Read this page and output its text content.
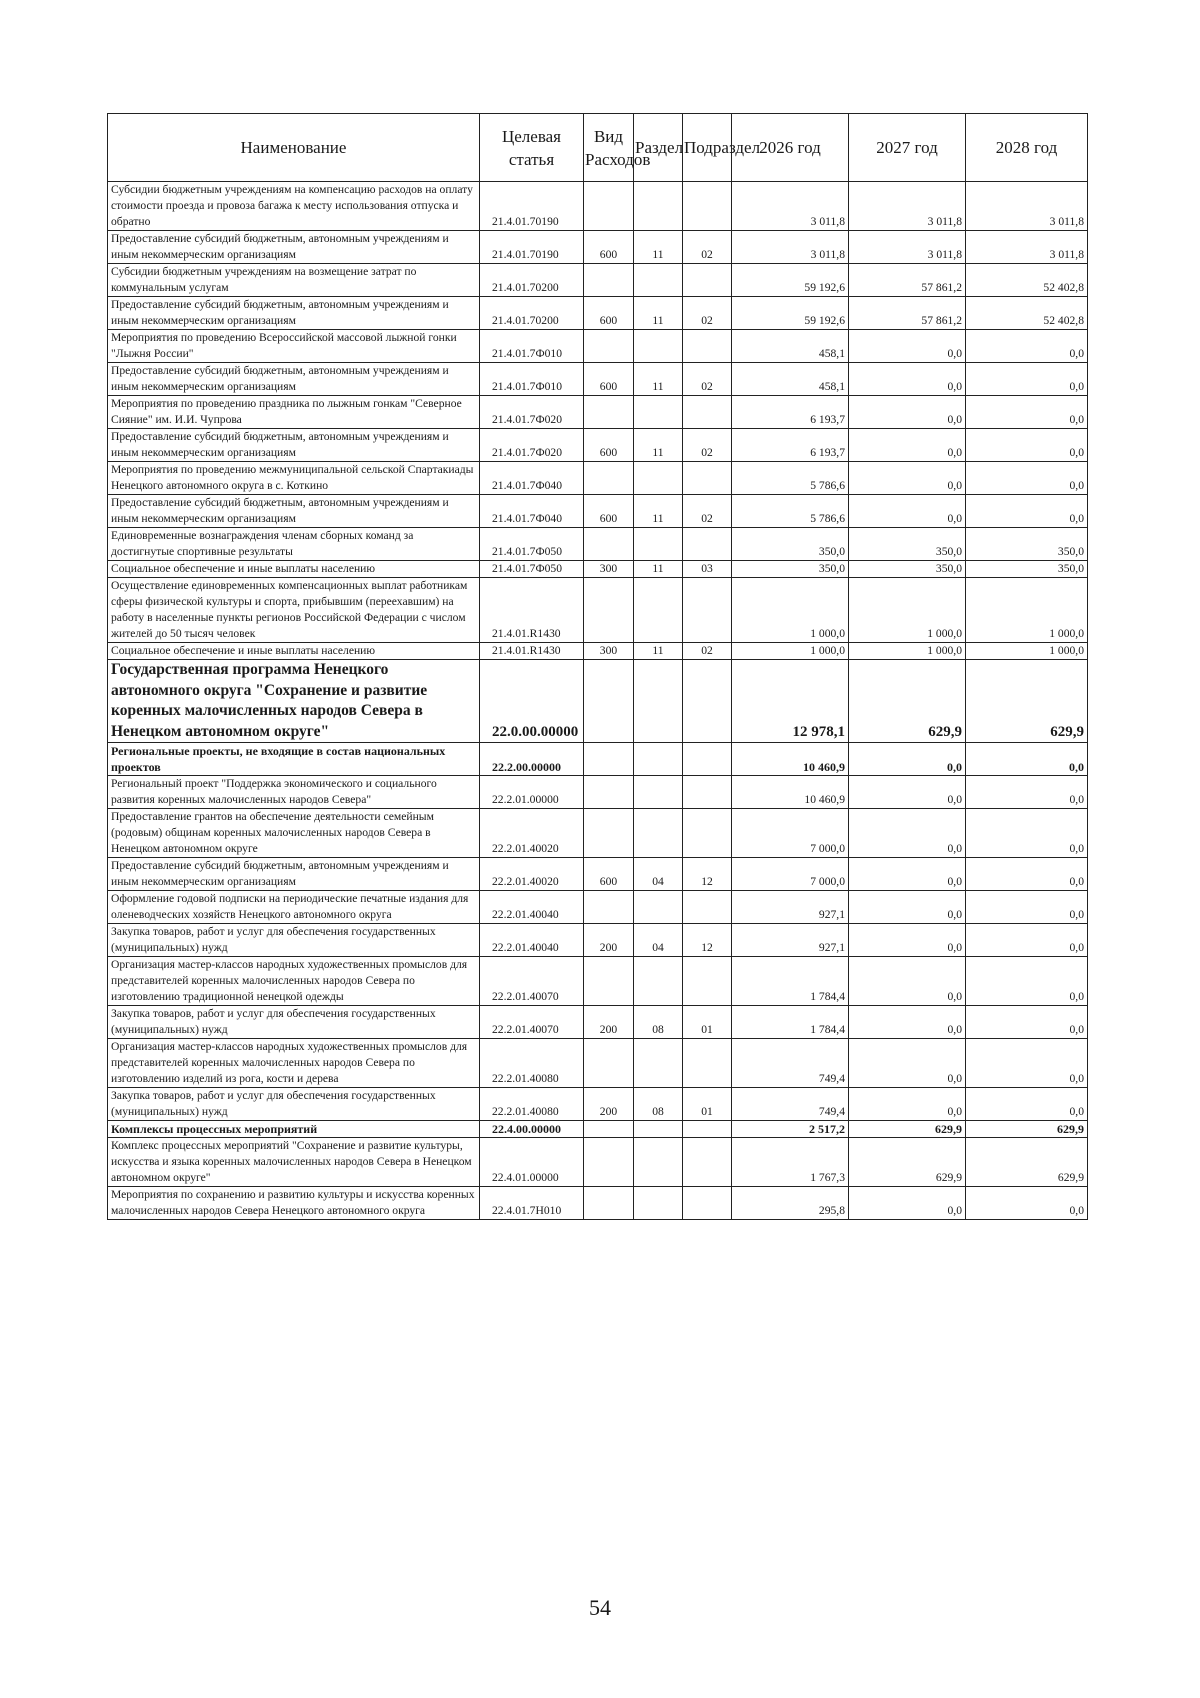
Наименование	Целевая статья	Вид Расходов	Раздел	Подраздел	2026 год	2027 год	2028 год
Субсидии бюджетным учреждениям на компенсацию расходов на оплату стоимости проезда и провоза багажа к месту использования отпуска и обратно	21.4.01.70190				3 011,8	3 011,8	3 011,8
Предоставление субсидий бюджетным, автономным учреждениям и иным некоммерческим организациям	21.4.01.70190	600	11	02	3 011,8	3 011,8	3 011,8
Субсидии бюджетным учреждениям на возмещение затрат по коммунальным услугам	21.4.01.70200				59 192,6	57 861,2	52 402,8
Предоставление субсидий бюджетным, автономным учреждениям и иным некоммерческим организациям	21.4.01.70200	600	11	02	59 192,6	57 861,2	52 402,8
Мероприятия по проведению Всероссийской массовой лыжной гонки "Лыжня России"	21.4.01.7Ф010				458,1	0,0	0,0
Предоставление субсидий бюджетным, автономным учреждениям и иным некоммерческим организациям	21.4.01.7Ф010	600	11	02	458,1	0,0	0,0
Мероприятия по проведению праздника по лыжным гонкам "Северное Сияние" им. И.И. Чупрова	21.4.01.7Ф020				6 193,7	0,0	0,0
Предоставление субсидий бюджетным, автономным учреждениям и иным некоммерческим организациям	21.4.01.7Ф020	600	11	02	6 193,7	0,0	0,0
Мероприятия по проведению межмуниципальной сельской Спартакиады Ненецкого автономного округа в с. Коткино	21.4.01.7Ф040				5 786,6	0,0	0,0
Предоставление субсидий бюджетным, автономным учреждениям и иным некоммерческим организациям	21.4.01.7Ф040	600	11	02	5 786,6	0,0	0,0
Единовременные вознаграждения членам сборных команд за достигнутые спортивные результаты	21.4.01.7Ф050				350,0	350,0	350,0
Социальное обеспечение и иные выплаты населению	21.4.01.7Ф050	300	11	03	350,0	350,0	350,0
Осуществление единовременных компенсационных выплат работникам сферы физической культуры и спорта, прибывшим (переехавшим) на работу в населенные пункты регионов Российской Федерации с числом жителей до 50 тысяч человек	21.4.01.R1430				1 000,0	1 000,0	1 000,0
Социальное обеспечение и иные выплаты населению	21.4.01.R1430	300	11	02	1 000,0	1 000,0	1 000,0
Государственная программа Ненецкого автономного округа "Сохранение и развитие коренных малочисленных народов Севера в Ненецком автономном округе"	22.0.00.00000				12 978,1	629,9	629,9
Региональные проекты, не входящие в состав национальных проектов	22.2.00.00000				10 460,9	0,0	0,0
Региональный проект "Поддержка экономического и социального развития коренных малочисленных народов Севера"	22.2.01.00000				10 460,9	0,0	0,0
Предоставление грантов на обеспечение деятельности семейным (родовым) общинам коренных малочисленных народов Севера в Ненецком автономном округе	22.2.01.40020				7 000,0	0,0	0,0
Предоставление субсидий бюджетным, автономным учреждениям и иным некоммерческим организациям	22.2.01.40020	600	04	12	7 000,0	0,0	0,0
Оформление годовой подписки на периодические печатные издания для оленеводческих хозяйств Ненецкого автономного округа	22.2.01.40040				927,1	0,0	0,0
Закупка товаров, работ и услуг для обеспечения государственных (муниципальных) нужд	22.2.01.40040	200	04	12	927,1	0,0	0,0
Организация мастер-классов народных художественных промыслов для представителей коренных малочисленных народов Севера по изготовлению традиционной ненецкой одежды	22.2.01.40070				1 784,4	0,0	0,0
Закупка товаров, работ и услуг для обеспечения государственных (муниципальных) нужд	22.2.01.40070	200	08	01	1 784,4	0,0	0,0
Организация мастер-классов народных художественных промыслов для представителей коренных малочисленных народов Севера по изготовлению изделий из рога, кости и дерева	22.2.01.40080				749,4	0,0	0,0
Закупка товаров, работ и услуг для обеспечения государственных (муниципальных) нужд	22.2.01.40080	200	08	01	749,4	0,0	0,0
Комплексы процессных мероприятий	22.4.00.00000				2 517,2	629,9	629,9
Комплекс процессных мероприятий "Сохранение и развитие культуры, искусства и языка коренных малочисленных народов Севера в Ненецком автономном округе"	22.4.01.00000				1 767,3	629,9	629,9
Мероприятия по сохранению и развитию культуры и искусства коренных малочисленных народов Севера Ненецкого автономного округа	22.4.01.7Н010				295,8	0,0	0,0
54
